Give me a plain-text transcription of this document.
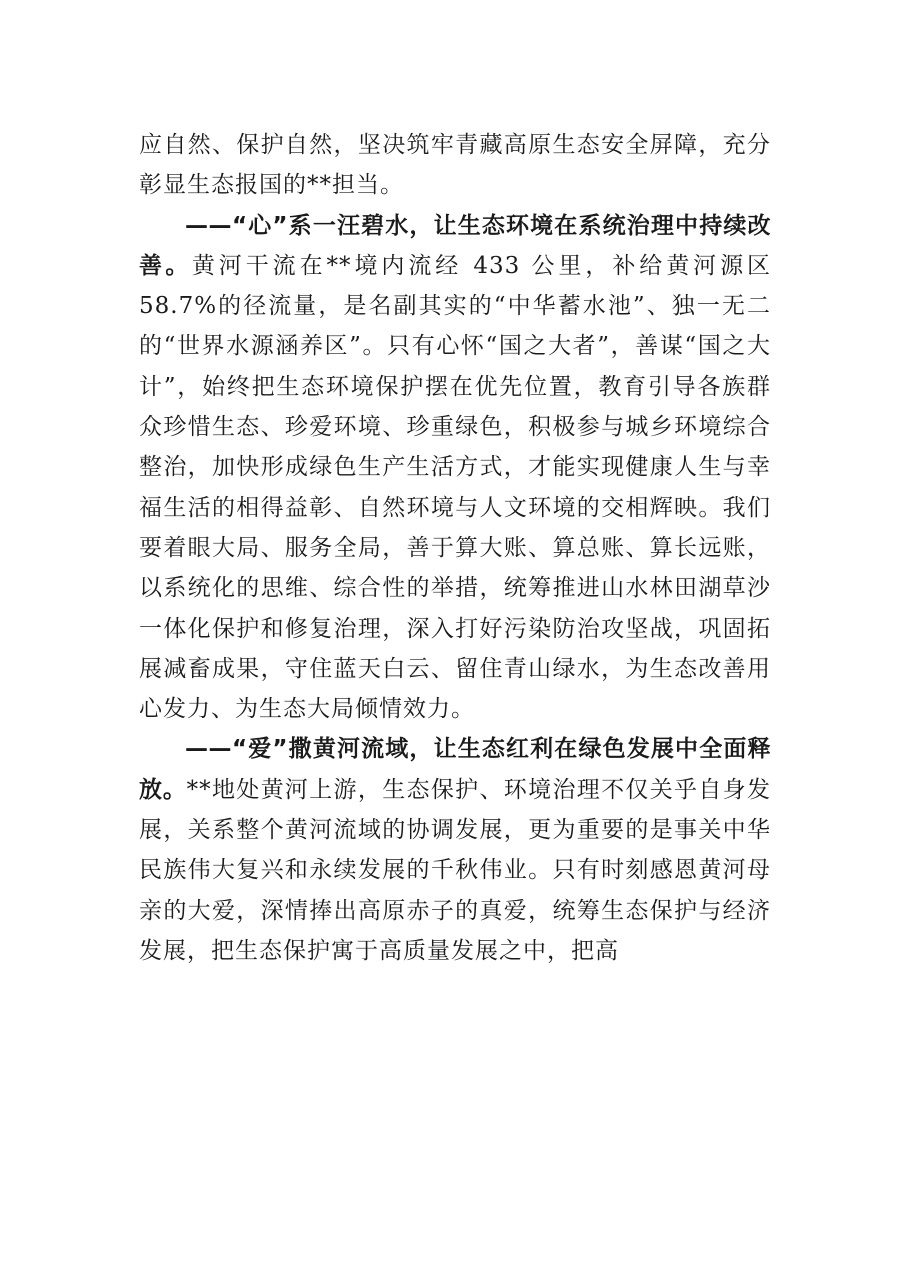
应自然、保护自然，坚决筑牢青藏高原生态安全屏障，充分彰显生态报国的**担当。

——“心”系一汪碧水，让生态环境在系统治理中持续改善。黄河干流在**境内流经 433 公里，补给黄河源区 58.7%的径流量，是名副其实的“中华蓄水池”、独一无二的“世界水源涵养区”。只有心怀“国之大者”，善谋“国之大计”，始终把生态环境保护摆在优先位置，教育引导各族群众珍惜生态、珍爱环境、珍重绿色，积极参与城乡环境综合整治，加快形成绿色生产生活方式，才能实现健康人生与幸福生活的相得益彰、自然环境与人文环境的交相辉映。我们要着眼大局、服务全局，善于算大账、算总账、算长远账，以系统化的思维、综合性的举措，统筹推进山水林田湖草沙一体化保护和修复治理，深入打好污染防治攻坚战，巩固拓展减畜成果，守住蓝天白云、留住青山绿水，为生态改善用心发力、为生态大局倾情效力。

——“爱”撒黄河流域，让生态红利在绿色发展中全面释放。**地处黄河上游，生态保护、环境治理不仅关乎自身发展，关系整个黄河流域的协调发展，更为重要的是事关中华民族伟大复兴和永续发展的千秋伟业。只有时刻感恩黄河母亲的大爱，深情捧出高原赤子的真爱，统筹生态保护与经济发展，把生态保护寓于高质量发展之中，把高
